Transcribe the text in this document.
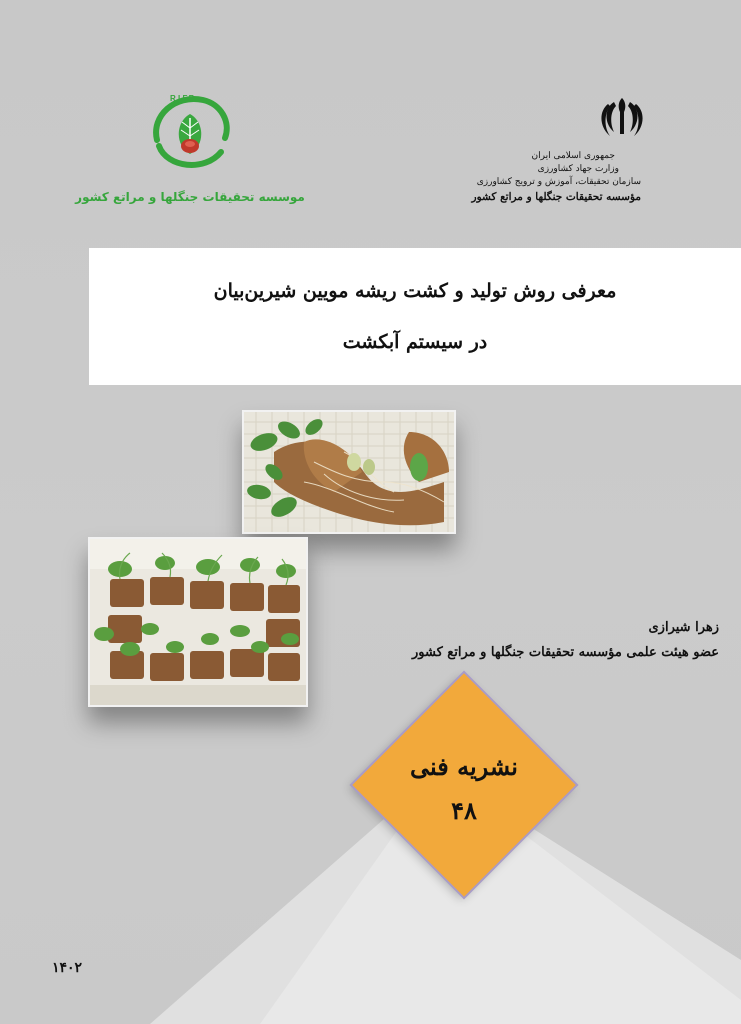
R.I.F.R
موسسه تحقیقات جنگلها و مراتع کشور
جمهوری اسلامی ایران
وزارت جهاد کشاورزی
سازمان تحقیقات، آموزش و ترویج کشاورزی
مؤسسه تحقیقات جنگلها و مراتع کشور
معرفی روش تولید و کشت ریشه مویین شیرین‌بیان
در سیستم آبکشت
زهرا شیرازی
عضو هیئت علمی مؤسسه تحقیقات جنگلها و مراتع کشور
نشریه فنی
۴۸
۱۴۰۲
